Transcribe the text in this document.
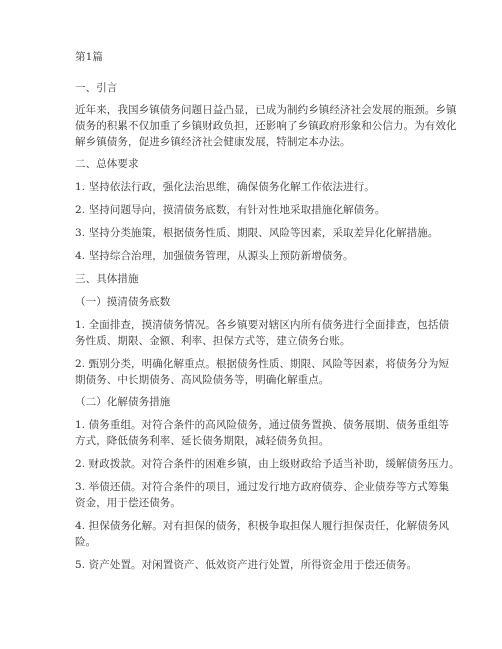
第1篇
一、引言
近年来，我国乡镇债务问题日益凸显，已成为制约乡镇经济社会发展的瓶颈。乡镇
债务的积累不仅加重了乡镇财政负担，还影响了乡镇政府形象和公信力。为有效化
解乡镇债务，促进乡镇经济社会健康发展，特制定本办法。
二、总体要求
1. 坚持依法行政，强化法治思维，确保债务化解工作依法进行。
2. 坚持问题导向，摸清债务底数，有针对性地采取措施化解债务。
3. 坚持分类施策，根据债务性质、期限、风险等因素，采取差异化化解措施。
4. 坚持综合治理，加强债务管理，从源头上预防新增债务。
三、具体措施
（一）摸清债务底数
1. 全面排查，摸清债务情况。各乡镇要对辖区内所有债务进行全面排查，包括债
务性质、期限、金额、利率、担保方式等，建立债务台账。
2. 甄别分类，明确化解重点。根据债务性质、期限、风险等因素，将债务分为短
期债务、中长期债务、高风险债务等，明确化解重点。
（二）化解债务措施
1. 债务重组。对符合条件的高风险债务，通过债务置换、债务展期、债务重组等
方式，降低债务利率、延长债务期限，减轻债务负担。
2. 财政拨款。对符合条件的困难乡镇，由上级财政给予适当补助，缓解债务压力。
3. 举债还债。对符合条件的项目，通过发行地方政府债券、企业债券等方式筹集
资金，用于偿还债务。
4. 担保债务化解。对有担保的债务，积极争取担保人履行担保责任，化解债务风
险。
5. 资产处置。对闲置资产、低效资产进行处置，所得资金用于偿还债务。
